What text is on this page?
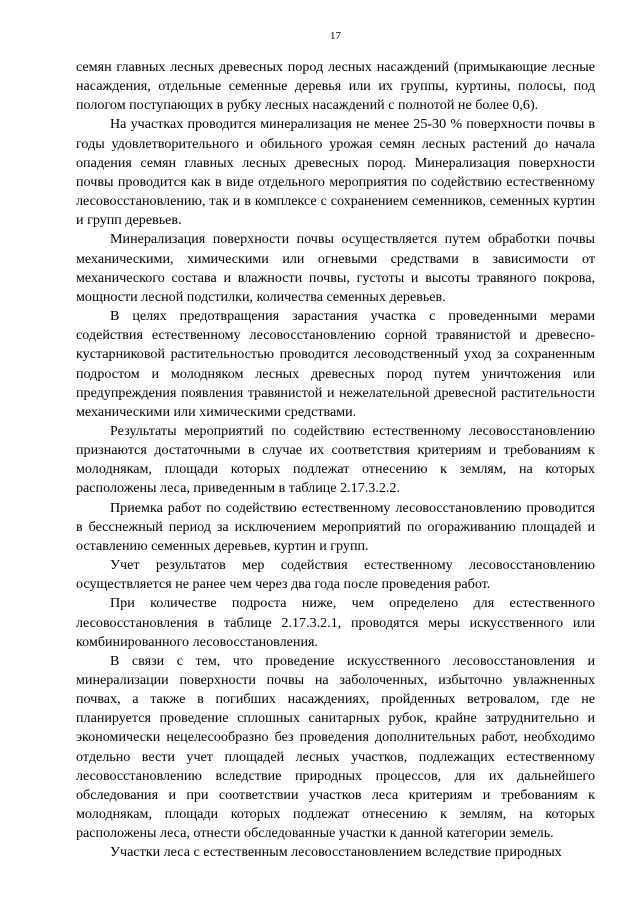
17

семян главных лесных древесных пород лесных насаждений (примыкающие лесные насаждения, отдельные семенные деревья или их группы, куртины, полосы, под пологом поступающих в рубку лесных насаждений с полнотой не более 0,6).

На участках проводится минерализация не менее 25-30 % поверхности почвы в годы удовлетворительного и обильного урожая семян лесных растений до начала опадения семян главных лесных древесных пород. Минерализация поверхности почвы проводится как в виде отдельного мероприятия по содействию естественному лесовосстановлению, так и в комплексе с сохранением семенников, семенных куртин и групп деревьев.

Минерализация поверхности почвы осуществляется путем обработки почвы механическими, химическими или огневыми средствами в зависимости от механического состава и влажности почвы, густоты и высоты травяного покрова, мощности лесной подстилки, количества семенных деревьев.

В целях предотвращения зарастания участка с проведенными мерами содействия естественному лесовосстановлению сорной травянистой и древесно-кустарниковой растительностью проводится лесоводственный уход за сохраненным подростом и молодняком лесных древесных пород путем уничтожения или предупреждения появления травянистой и нежелательной древесной растительности механическими или химическими средствами.

Результаты мероприятий по содействию естественному лесовосстановлению признаются достаточными в случае их соответствия критериям и требованиям к молоднякам, площади которых подлежат отнесению к землям, на которых расположены леса, приведенным в таблице 2.17.3.2.2.

Приемка работ по содействию естественному лесовосстановлению проводится в бесснежный период за исключением мероприятий по огораживанию площадей и оставлению семенных деревьев, куртин и групп.

Учет результатов мер содействия естественному лесовосстановлению осуществляется не ранее чем через два года после проведения работ.

При количестве подроста ниже, чем определено для естественного лесовосстановления в таблице 2.17.3.2.1, проводятся меры искусственного или комбинированного лесовосстановления.

В связи с тем, что проведение искусственного лесовосстановления и минерализации поверхности почвы на заболоченных, избыточно увлажненных почвах, а также в погибших насаждениях, пройденных ветровалом, где не планируется проведение сплошных санитарных рубок, крайне затруднительно и экономически нецелесообразно без проведения дополнительных работ, необходимо отдельно вести учет площадей лесных участков, подлежащих естественному лесовосстановлению вследствие природных процессов, для их дальнейшего обследования и при соответствии участков леса критериям и требованиям к молоднякам, площади которых подлежат отнесению к землям, на которых расположены леса, отнести обследованные участки к данной категории земель.

Участки леса с естественным лесовосстановлением вследствие природных
